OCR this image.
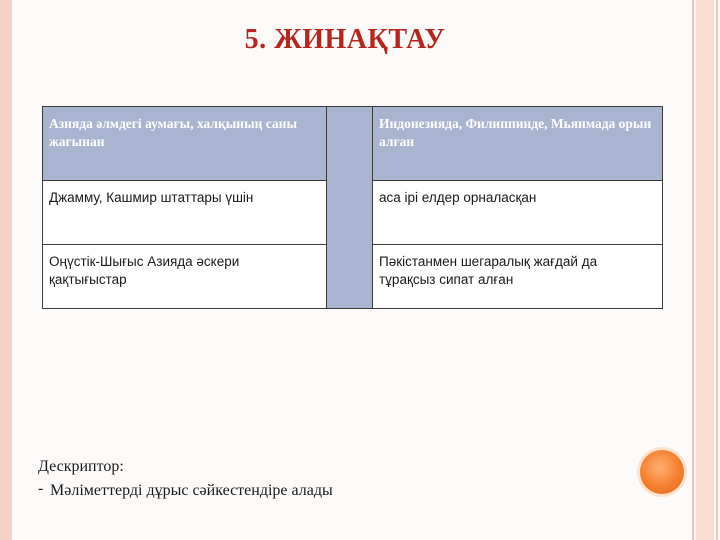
5. ЖИНАҚТАУ
Азияда әлмдегі аумағы, халқының саны жағынан		Индонезияда, Филиппинде, Мьянмада орын алған
Джамму, Кашмир штаттары үшін		аса ірі елдер орналасқан
Оңүстік-Шығыс Азияда әскери қақтығыстар		Пәкістанмен шегаралық жағдай да тұрақсыз сипат алған
Дескриптор:
- Мәліметтерді дұрыс сәйкестендіре алады
